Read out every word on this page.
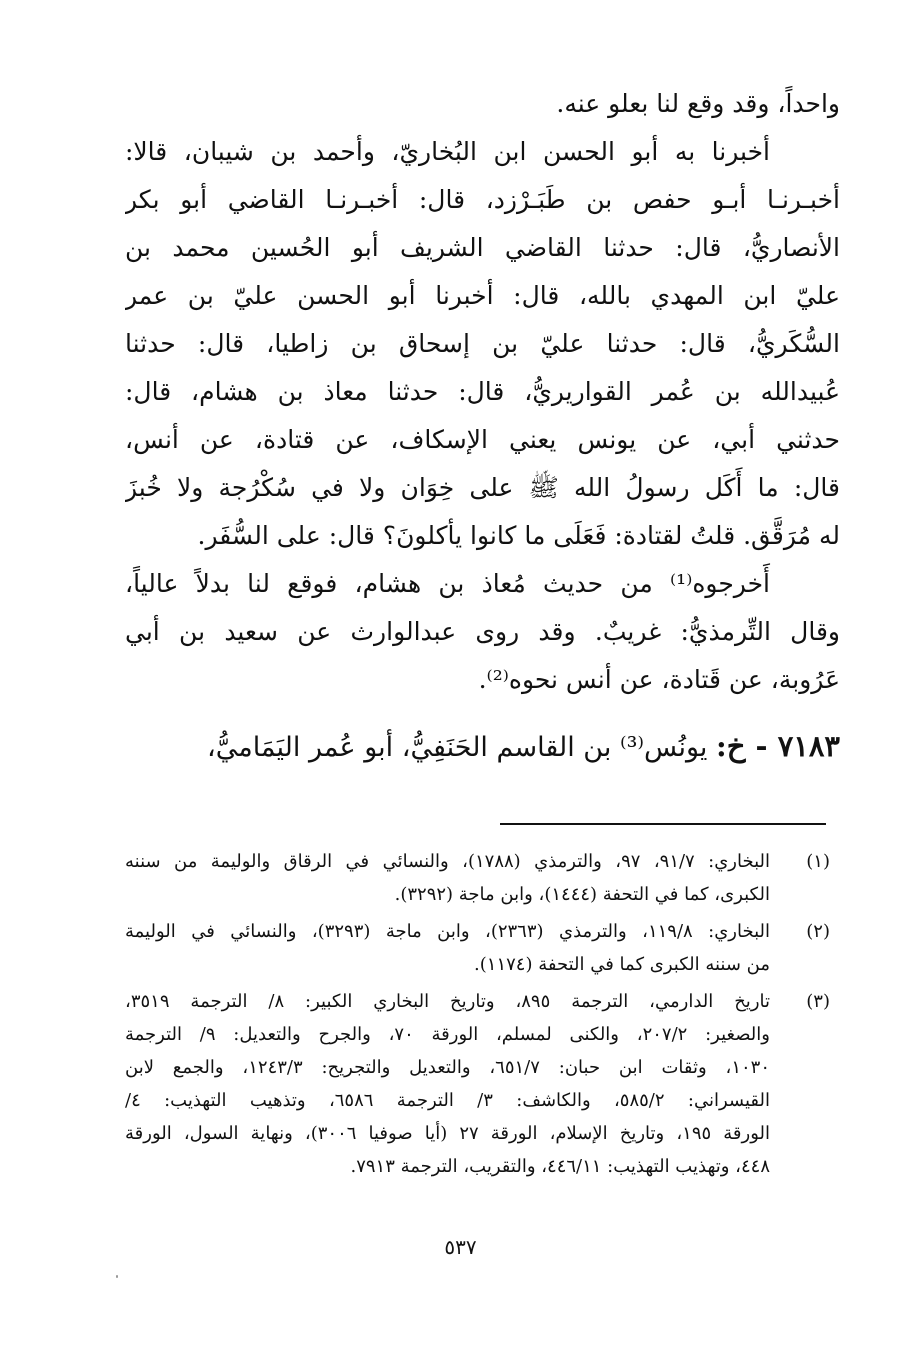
واحداً، وقد وقع لنا بعلو عنه.
أخبرنا به أبو الحسن ابن البُخاريّ، وأحمد بن شيبان، قالا:
أخبـرنـا أبـو حفص بن طَبَـرْزد، قال: أخبـرنـا القاضي أبو بكر
الأنصاريُّ، قال: حدثنا القاضي الشريف أبو الحُسين محمد بن
عليّ ابن المهدي بالله، قال: أخبرنا أبو الحسن عليّ بن عمر
السُّكَريُّ، قال: حدثنا عليّ بن إسحاق بن زاطيا، قال: حدثنا
عُبيدالله بن عُمر القواريريُّ، قال: حدثنا معاذ بن هشام، قال:
حدثني أبي، عن يونس يعني الإسكاف، عن قتادة، عن أنس،
قال: ما أَكَل رسولُ الله ﷺ على خِوَان ولا في سُكْرُجة ولا خُبزَ
له مُرَقَّق. قلتُ لقتادة: فَعَلَى ما كانوا يأكلونَ؟ قال: على السُّفَر.
أَخرجوه⁽¹⁾ من حديث مُعاذ بن هشام، فوقع لنا بدلاً عالياً،
وقال التِّرمذيُّ: غريبٌ. وقد روى عبدالوارث عن سعيد بن أبي
عَرُوبة، عن قَتادة، عن أنس نحوه⁽²⁾.
٧١٨٣ - خ: يونُس⁽³⁾ بن القاسم الحَنَفِيُّ، أبو عُمر اليَمَاميُّ،
(١)
البخاري: ٩١/٧، ٩٧، والترمذي (١٧٨٨)، والنسائي في الرقاق والوليمة من سننه
الكبرى، كما في التحفة (١٤٤٤)، وابن ماجة (٣٢٩٢).
(٢)
البخاري: ١١٩/٨، والترمذي (٢٣٦٣)، وابن ماجة (٣٢٩٣)، والنسائي في الوليمة
من سننه الكبرى كما في التحفة (١١٧٤).
(٣)
تاريخ الدارمي، الترجمة ٨٩٥، وتاريخ البخاري الكبير: ٨/ الترجمة ٣٥١٩،
والصغير: ٢٠٧/٢، والكنى لمسلم، الورقة ٧٠، والجرح والتعديل: ٩/ الترجمة
١٠٣٠، وثقات ابن حبان: ٦٥١/٧، والتعديل والتجريح: ١٢٤٣/٣، والجمع لابن
القيسراني: ٥٨٥/٢، والكاشف: ٣/ الترجمة ٦٥٨٦، وتذهيب التهذيب: ٤/
الورقة ١٩٥، وتاريخ الإسلام، الورقة ٢٧ (أيا صوفيا ٣٠٠٦)، ونهاية السول، الورقة
٤٤٨، وتهذيب التهذيب: ٤٤٦/١١، والتقريب، الترجمة ٧٩١٣.
٥٣٧
